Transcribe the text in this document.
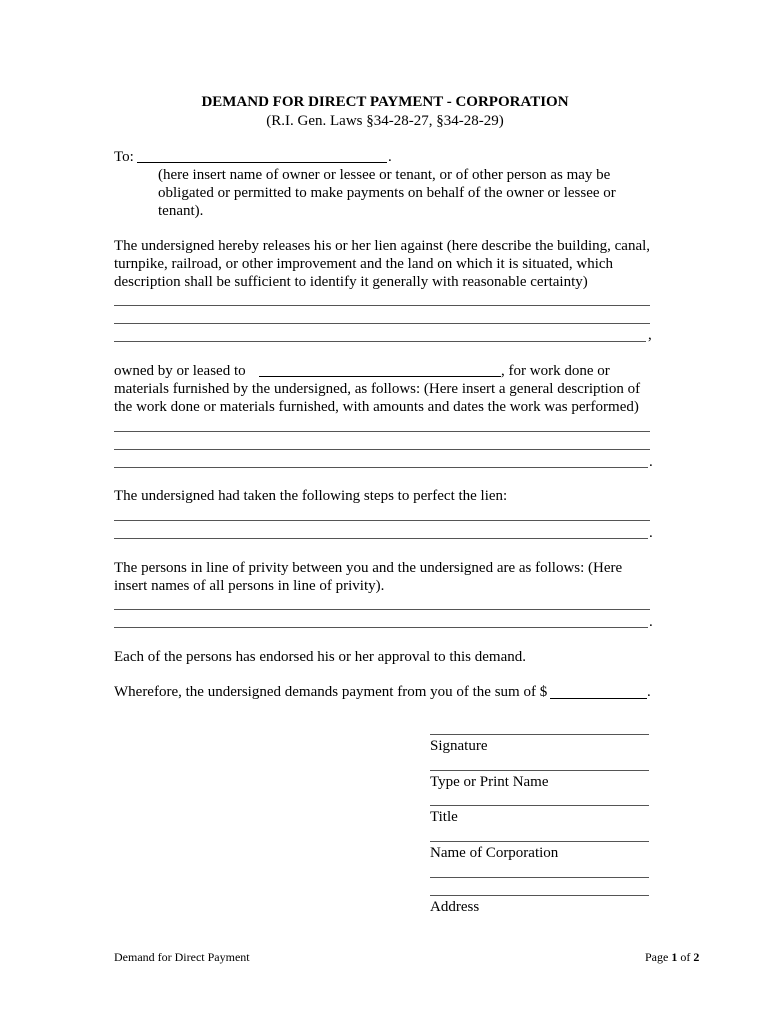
DEMAND FOR DIRECT PAYMENT - CORPORATION
(R.I. Gen. Laws §34-28-27, §34-28-29)
To:	.
(here insert name of owner or lessee or tenant, or of other person as may be
obligated or permitted to make payments on behalf of the owner or lessee or
tenant).
The undersigned hereby releases his or her lien against (here describe the building, canal,
turnpike, railroad, or other improvement and the land on which it is situated, which
description shall be sufficient to identify it generally with reasonable certainty)
,
owned by or leased to	, for work done or
materials furnished by the undersigned, as follows: (Here insert a general description of
the work done or materials furnished, with amounts and dates the work was performed)
.
The undersigned had taken the following steps to perfect the lien:
.
The persons in line of privity between you and the undersigned are as follows: (Here
insert names of all persons in line of privity).
.
Each of the persons has endorsed his or her approval to this demand.
Wherefore, the undersigned demands payment from you of the sum of $	.
Signature
Type or Print Name
Title
Name of Corporation
Address
Demand for Direct Payment	Page 1 of 2
